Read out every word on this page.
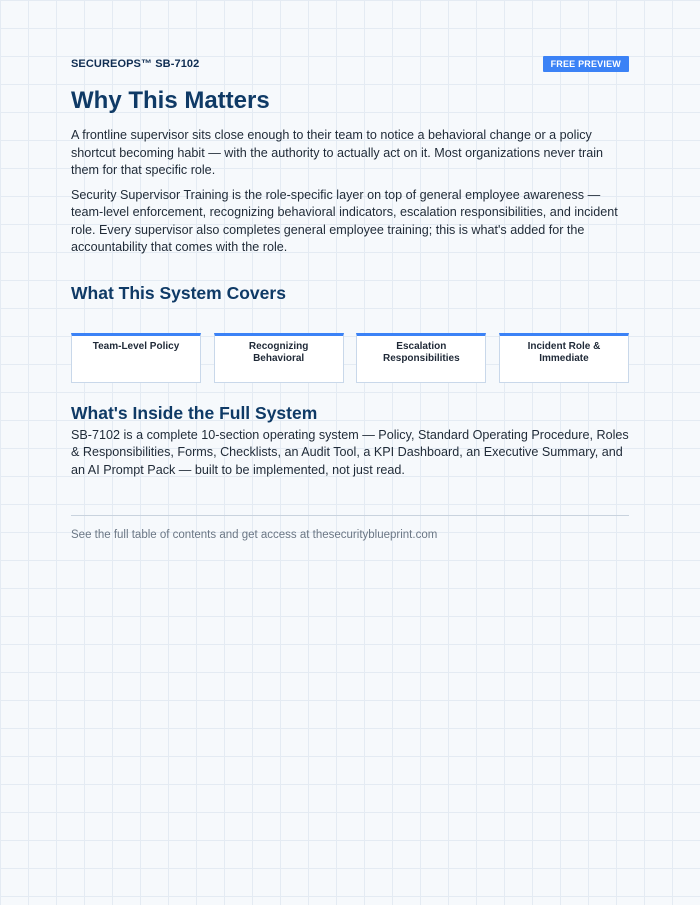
SECUREOPS™ SB-7102	FREE PREVIEW
Why This Matters

A frontline supervisor sits close enough to their team to notice a behavioral change or a policy shortcut becoming habit — with the authority to actually act on it. Most organizations never train them for that specific role.

Security Supervisor Training is the role-specific layer on top of general employee awareness — team-level enforcement, recognizing behavioral indicators, escalation responsibilities, and incident role. Every supervisor also completes general employee training; this is what's added for the accountability that comes with the role.

What This System Covers
Team-Level Policy	Recognizing Behavioral
Escalation Responsibilities
Incident Role & Immediate
What's Inside the Full System

SB-7102 is a complete 10-section operating system — Policy, Standard Operating Procedure, Roles & Responsibilities, Forms, Checklists, an Audit Tool, a KPI Dashboard, an Executive Summary, and an AI Prompt Pack — built to be implemented, not just read.

See the full table of contents and get access at thesecurityblueprint.com
